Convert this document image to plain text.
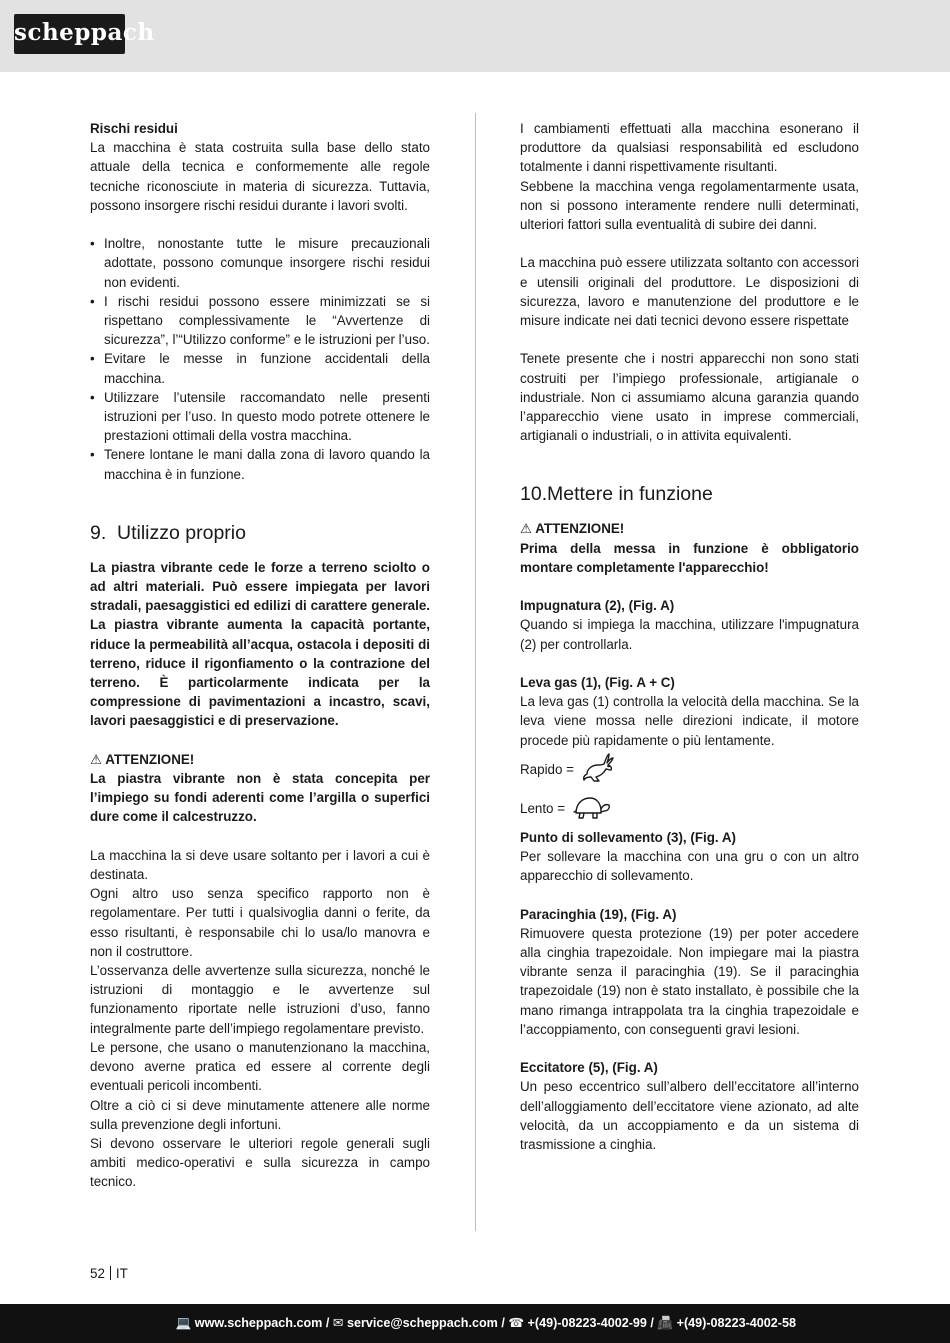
scheppach

Rischi residui

La macchina è stata costruita sulla base dello stato attuale della tecnica e conformemente alle regole tecniche riconosciute in materia di sicurezza. Tuttavia, possono insorgere rischi residui durante i lavori svolti.

• Inoltre, nonostante tutte le misure precauzionali adottate, possono comunque insorgere rischi residui non evidenti.
• I rischi residui possono essere minimizzati se si rispettano complessivamente le “Avvertenze di sicurezza”, l’“Utilizzo conforme” e le istruzioni per l’uso.
• Evitare le messe in funzione accidentali della macchina.
• Utilizzare l’utensile raccomandato nelle presenti istruzioni per l’uso. In questo modo potrete ottenere le prestazioni ottimali della vostra macchina.
• Tenere lontane le mani dalla zona di lavoro quando la macchina è in funzione.
9. Utilizzo proprio

La piastra vibrante cede le forze a terreno sciolto o ad altri materiali. Può essere impiegata per lavori stradali, paesaggistici ed edilizi di carattere generale. La piastra vibrante aumenta la capacità portante, riduce la permeabilità all’acqua, ostacola i depositi di terreno, riduce il rigonfiamento o la contrazione del terreno. È particolarmente indicata per la compressione di pavimentazioni a incastro, scavi, lavori paesaggistici e di preservazione.

⚠ ATTENZIONE!

La piastra vibrante non è stata concepita per l’impiego su fondi aderenti come l’argilla o superfici dure come il calcestruzzo.

La macchina la si deve usare soltanto per i lavori a cui è destinata.

Ogni altro uso senza specifico rapporto non è regolamentare. Per tutti i qualsivoglia danni o ferite, da esso risultanti, è responsabile chi lo usa/lo manovra e non il costruttore.

L’osservanza delle avvertenze sulla sicurezza, nonché le istruzioni di montaggio e le avvertenze sul funzionamento riportate nelle istruzioni d’uso, fanno integralmente parte dell’impiego regolamentare previsto.

Le persone, che usano o manutenzionano la macchina, devono averne pratica ed essere al corrente degli eventuali pericoli incombenti.

Oltre a ciò ci si deve minutamente attenere alle norme sulla prevenzione degli infortuni.

Si devono osservare le ulteriori regole generali sugli ambiti medico-operativi e sulla sicurezza in campo tecnico.

I cambiamenti effettuati alla macchina esonerano il produttore da qualsiasi responsabilità ed escludono totalmente i danni rispettivamente risultanti.

Sebbene la macchina venga regolamentarmente usata, non si possono interamente rendere nulli determinati, ulteriori fattori sulla eventualità di subire dei danni.

La macchina può essere utilizzata soltanto con accessori e utensili originali del produttore. Le disposizioni di sicurezza, lavoro e manutenzione del produttore e le misure indicate nei dati tecnici devono essere rispettate

Tenete presente che i nostri apparecchi non sono stati costruiti per l’impiego professionale, artigianale o industriale. Non ci assumiamo alcuna garanzia quando l’apparecchio viene usato in imprese commerciali, artigianali o industriali, o in attivita equivalenti.

10.Mettere in funzione

⚠ ATTENZIONE!

Prima della messa in funzione è obbligatorio montare completamente l'apparecchio!

Impugnatura (2), (Fig. A)

Quando si impiega la macchina, utilizzare l'impugnatura (2) per controllarla.

Leva gas (1), (Fig. A + C)

La leva gas (1) controlla la velocità della macchina. Se la leva viene mossa nelle direzioni indicate, il motore procede più rapidamente o più lentamente.

Rapido =
Lento =

Punto di sollevamento (3), (Fig. A)

Per sollevare la macchina con una gru o con un altro apparecchio di sollevamento.

Paracinghia (19), (Fig. A)

Rimuovere questa protezione (19) per poter accedere alla cinghia trapezoidale. Non impiegare mai la piastra vibrante senza il paracinghia (19). Se il paracinghia trapezoidale (19) non è stato installato, è possibile che la mano rimanga intrappolata tra la cinghia trapezoidale e l’accoppiamento, con conseguenti gravi lesioni.

Eccitatore (5), (Fig. A)

Un peso eccentrico sull’albero dell’eccitatore all’interno dell’alloggiamento dell’eccitatore viene azionato, ad alte velocità, da un accoppiamento e da un sistema di trasmissione a cinghia.

52 IT
💻 www.scheppach.com / ✉ service@scheppach.com / ☎ +(49)-08223-4002-99 / 📠 +(49)-08223-4002-58
